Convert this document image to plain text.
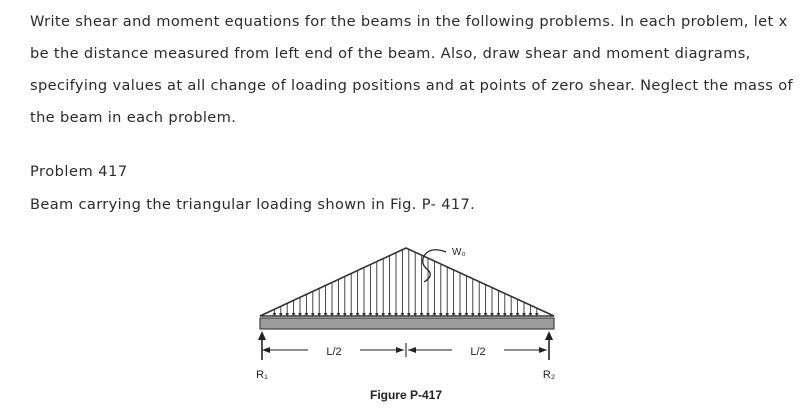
Write shear and moment equations for the beams in the following problems. In each problem, let x be the distance measured from left end of the beam. Also, draw shear and moment diagrams, specifying values at all change of loading positions and at points of zero shear. Neglect the mass of the beam in each problem.

Problem 417

Beam carrying the triangular loading shown in Fig. P- 417.

W₀
L/2	L/2
R₁	R₂
Figure P-417
